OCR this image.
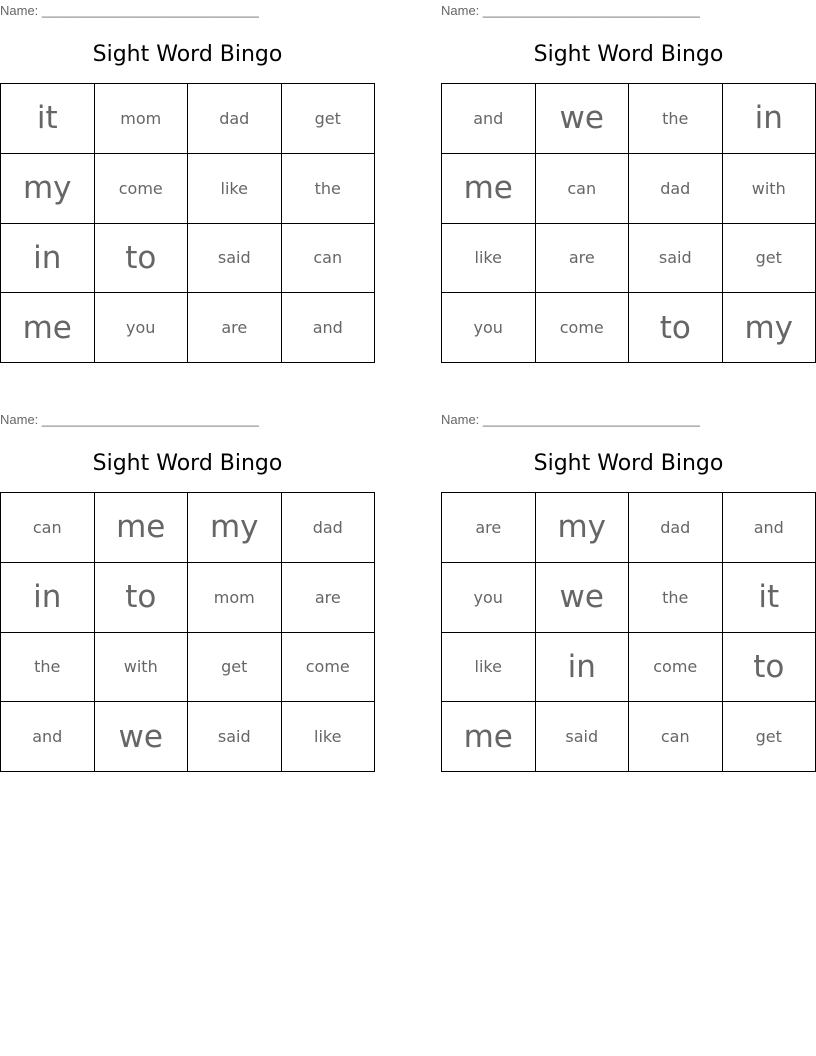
Name: ______________________________
Sight Word Bingo
it	mom	dad	get
my	come	like	the
in	to	said	can
me	you	are	and
Name: ______________________________
Sight Word Bingo
and	we	the	in
me	can	dad	with
like	are	said	get
you	come	to	my
Name: ______________________________
Sight Word Bingo
can	me	my	dad
in	to	mom	are
the	with	get	come
and	we	said	like
Name: ______________________________
Sight Word Bingo
are	my	dad	and
you	we	the	it
like	in	come	to
me	said	can	get
